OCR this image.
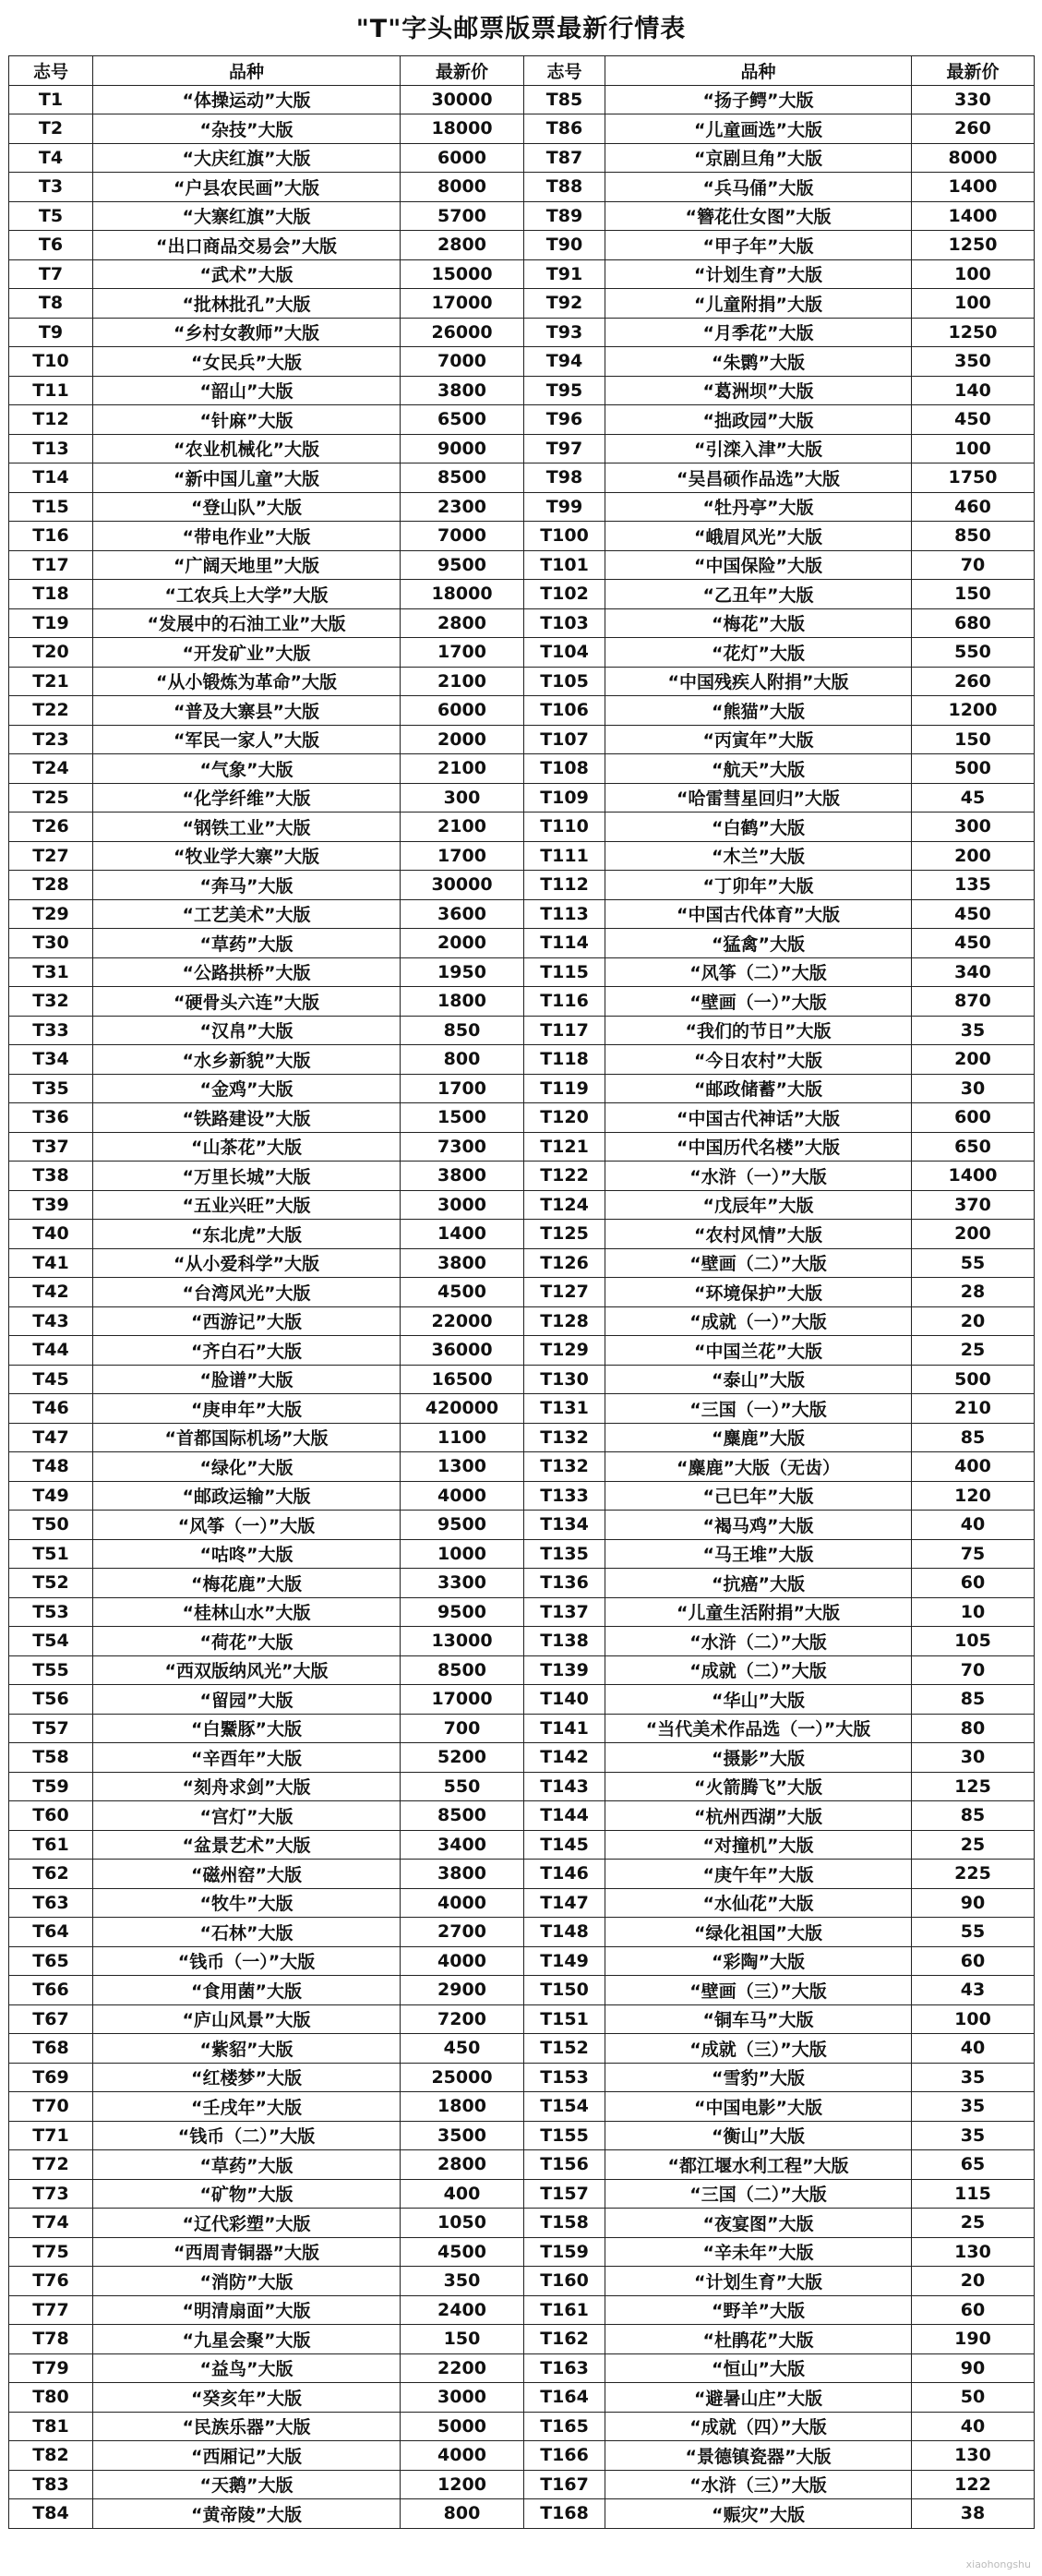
"T"字头邮票版票最新行情表
志号	品种	最新价	志号	品种	最新价
T1	“体操运动”大版	30000	T85	“扬子鳄”大版	330
T2	“杂技”大版	18000	T86	“儿童画选”大版	260
T4	“大庆红旗”大版	6000	T87	“京剧旦角”大版	8000
T3	“户县农民画”大版	8000	T88	“兵马俑”大版	1400
T5	“大寨红旗”大版	5700	T89	“簪花仕女图”大版	1400
T6	“出口商品交易会”大版	2800	T90	“甲子年”大版	1250
T7	“武术”大版	15000	T91	“计划生育”大版	100
T8	“批林批孔”大版	17000	T92	“儿童附捐”大版	100
T9	“乡村女教师”大版	26000	T93	“月季花”大版	1250
T10	“女民兵”大版	7000	T94	“朱鹮”大版	350
T11	“韶山”大版	3800	T95	“葛洲坝”大版	140
T12	“针麻”大版	6500	T96	“拙政园”大版	450
T13	“农业机械化”大版	9000	T97	“引滦入津”大版	100
T14	“新中国儿童”大版	8500	T98	“吴昌硕作品选”大版	1750
T15	“登山队”大版	2300	T99	“牡丹亭”大版	460
T16	“带电作业”大版	7000	T100	“峨眉风光”大版	850
T17	“广阔天地里”大版	9500	T101	“中国保险”大版	70
T18	“工农兵上大学”大版	18000	T102	“乙丑年”大版	150
T19	“发展中的石油工业”大版	2800	T103	“梅花”大版	680
T20	“开发矿业”大版	1700	T104	“花灯”大版	550
T21	“从小锻炼为革命”大版	2100	T105	“中国残疾人附捐”大版	260
T22	“普及大寨县”大版	6000	T106	“熊猫”大版	1200
T23	“军民一家人”大版	2000	T107	“丙寅年”大版	150
T24	“气象”大版	2100	T108	“航天”大版	500
T25	“化学纤维”大版	300	T109	“哈雷彗星回归”大版	45
T26	“钢铁工业”大版	2100	T110	“白鹤”大版	300
T27	“牧业学大寨”大版	1700	T111	“木兰”大版	200
T28	“奔马”大版	30000	T112	“丁卯年”大版	135
T29	“工艺美术”大版	3600	T113	“中国古代体育”大版	450
T30	“草药”大版	2000	T114	“猛禽”大版	450
T31	“公路拱桥”大版	1950	T115	“风筝（二）”大版	340
T32	“硬骨头六连”大版	1800	T116	“壁画（一）”大版	870
T33	“汉帛”大版	850	T117	“我们的节日”大版	35
T34	“水乡新貌”大版	800	T118	“今日农村”大版	200
T35	“金鸡”大版	1700	T119	“邮政储蓄”大版	30
T36	“铁路建设”大版	1500	T120	“中国古代神话”大版	600
T37	“山茶花”大版	7300	T121	“中国历代名楼”大版	650
T38	“万里长城”大版	3800	T122	“水浒（一）”大版	1400
T39	“五业兴旺”大版	3000	T124	“戊辰年”大版	370
T40	“东北虎”大版	1400	T125	“农村风情”大版	200
T41	“从小爱科学”大版	3800	T126	“壁画（二）”大版	55
T42	“台湾风光”大版	4500	T127	“环境保护”大版	28
T43	“西游记”大版	22000	T128	“成就（一）”大版	20
T44	“齐白石”大版	36000	T129	“中国兰花”大版	25
T45	“脸谱”大版	16500	T130	“泰山”大版	500
T46	“庚申年”大版	420000	T131	“三国（一）”大版	210
T47	“首都国际机场”大版	1100	T132	“麋鹿”大版	85
T48	“绿化”大版	1300	T132	“麋鹿”大版（无齿）	400
T49	“邮政运输”大版	4000	T133	“己巳年”大版	120
T50	“风筝（一）”大版	9500	T134	“褐马鸡”大版	40
T51	“咕咚”大版	1000	T135	“马王堆”大版	75
T52	“梅花鹿”大版	3300	T136	“抗癌”大版	60
T53	“桂林山水”大版	9500	T137	“儿童生活附捐”大版	10
T54	“荷花”大版	13000	T138	“水浒（二）”大版	105
T55	“西双版纳风光”大版	8500	T139	“成就（二）”大版	70
T56	“留园”大版	17000	T140	“华山”大版	85
T57	“白鱀豚”大版	700	T141	“当代美术作品选（一）”大版	80
T58	“辛酉年”大版	5200	T142	“摄影”大版	30
T59	“刻舟求剑”大版	550	T143	“火箭腾飞”大版	125
T60	“宫灯”大版	8500	T144	“杭州西湖”大版	85
T61	“盆景艺术”大版	3400	T145	“对撞机”大版	25
T62	“磁州窑”大版	3800	T146	“庚午年”大版	225
T63	“牧牛”大版	4000	T147	“水仙花”大版	90
T64	“石林”大版	2700	T148	“绿化祖国”大版	55
T65	“钱币（一）”大版	4000	T149	“彩陶”大版	60
T66	“食用菌”大版	2900	T150	“壁画（三）”大版	43
T67	“庐山风景”大版	7200	T151	“铜车马”大版	100
T68	“紫貂”大版	450	T152	“成就（三）”大版	40
T69	“红楼梦”大版	25000	T153	“雪豹”大版	35
T70	“壬戌年”大版	1800	T154	“中国电影”大版	35
T71	“钱币（二）”大版	3500	T155	“衡山”大版	35
T72	“草药”大版	2800	T156	“都江堰水利工程”大版	65
T73	“矿物”大版	400	T157	“三国（二）”大版	115
T74	“辽代彩塑”大版	1050	T158	“夜宴图”大版	25
T75	“西周青铜器”大版	4500	T159	“辛未年”大版	130
T76	“消防”大版	350	T160	“计划生育”大版	20
T77	“明清扇面”大版	2400	T161	“野羊”大版	60
T78	“九星会聚”大版	150	T162	“杜鹃花”大版	190
T79	“益鸟”大版	2200	T163	“恒山”大版	90
T80	“癸亥年”大版	3000	T164	“避暑山庄”大版	50
T81	“民族乐器”大版	5000	T165	“成就（四）”大版	40
T82	“西厢记”大版	4000	T166	“景德镇瓷器”大版	130
T83	“天鹅”大版	1200	T167	“水浒（三）”大版	122
T84	“黄帝陵”大版	800	T168	“赈灾”大版	38
xiaohongshu
